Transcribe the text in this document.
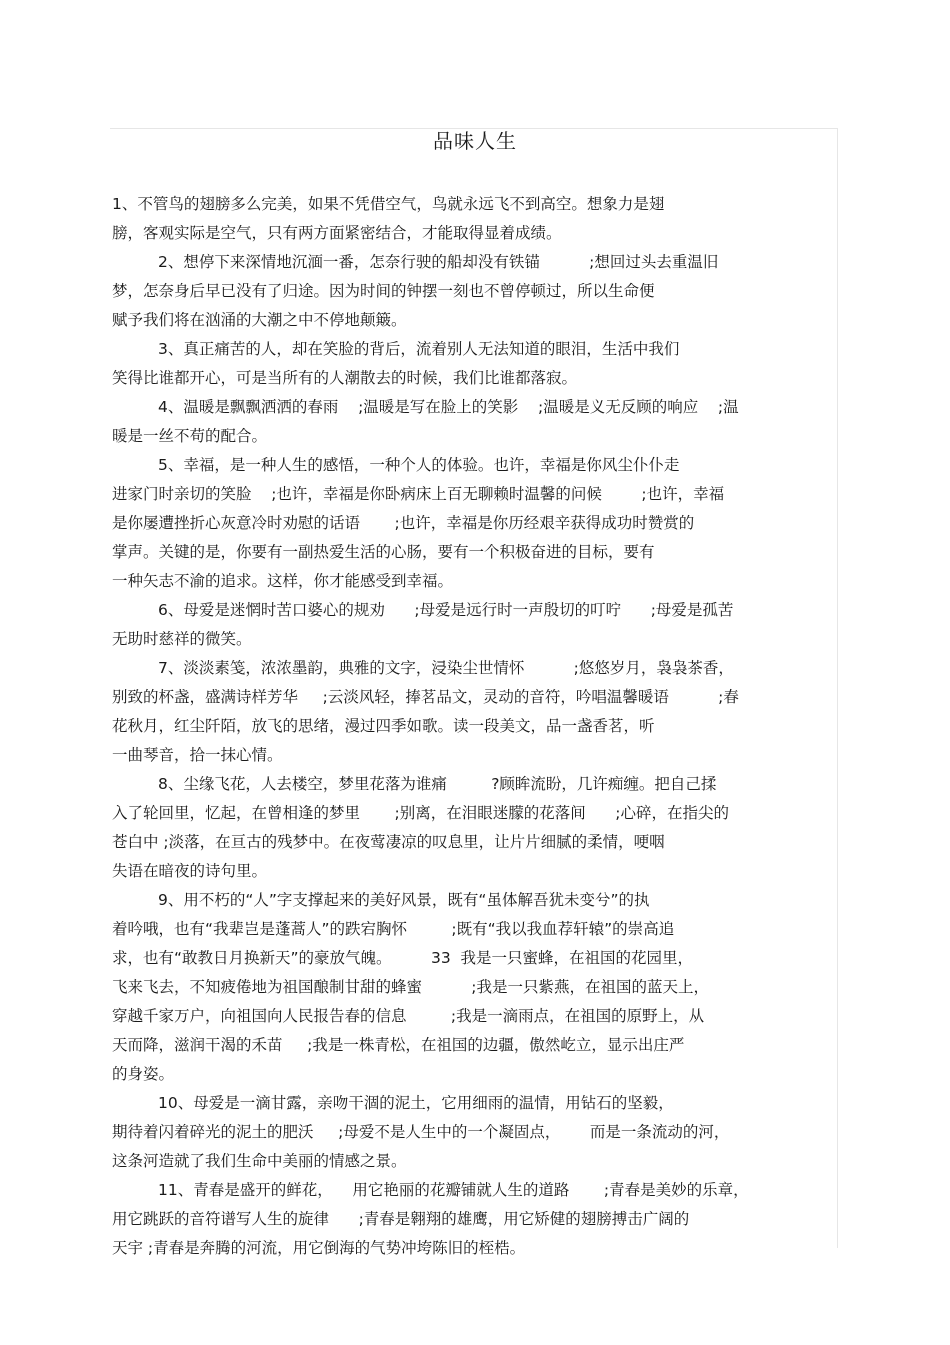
品味人生
1、不管鸟的翅膀多么完美，如果不凭借空气，鸟就永远飞不到高空。想象力是翅
膀，客观实际是空气，只有两方面紧密结合，才能取得显着成绩。
2、想停下来深情地沉湎一番，怎奈行驶的船却没有铁锚          ;想回过头去重温旧
梦，怎奈身后早已没有了归途。因为时间的钟摆一刻也不曾停顿过，所以生命便
赋予我们将在汹涌的大潮之中不停地颠簸。
3、真正痛苦的人，却在笑脸的背后，流着别人无法知道的眼泪，生活中我们
笑得比谁都开心，可是当所有的人潮散去的时候，我们比谁都落寂。
4、温暖是飘飘洒洒的春雨    ;温暖是写在脸上的笑影    ;温暖是义无反顾的响应    ;温
暖是一丝不苟的配合。
5、幸福，是一种人生的感悟，一种个人的体验。也许，幸福是你风尘仆仆走
进家门时亲切的笑脸    ;也许，幸福是你卧病床上百无聊赖时温馨的问候        ;也许，幸福
是你屡遭挫折心灰意冷时劝慰的话语       ;也许，幸福是你历经艰辛获得成功时赞赏的
掌声。关键的是，你要有一副热爱生活的心肠，要有一个积极奋进的目标，要有
一种矢志不渝的追求。这样，你才能感受到幸福。
6、母爱是迷惘时苦口婆心的规劝      ;母爱是远行时一声殷切的叮咛      ;母爱是孤苦
无助时慈祥的微笑。
7、淡淡素笺，浓浓墨韵，典雅的文字，浸染尘世情怀          ;悠悠岁月，袅袅茶香，
别致的杯盏，盛满诗样芳华     ;云淡风轻，捧茗品文，灵动的音符，吟唱温馨暖语          ;春
花秋月，红尘阡陌，放飞的思绪，漫过四季如歌。读一段美文，品一盏香茗，听
一曲琴音，拾一抹心情。
8、尘缘飞花，人去楼空，梦里花落为谁痛         ?顾眸流盼，几许痴缠。把自己揉
入了轮回里，忆起，在曾相逢的梦里       ;别离，在泪眼迷朦的花落间      ;心碎，在指尖的
苍白中 ;淡落，在亘古的残梦中。在夜莺凄凉的叹息里，让片片细腻的柔情，哽咽
失语在暗夜的诗句里。
9、用不朽的“人”字支撑起来的美好风景，既有“虽体解吾犹未变兮”的执
着吟哦，也有“我辈岂是蓬蒿人”的跌宕胸怀         ;既有“我以我血荐轩辕”的崇高追
求，也有“敢教日月换新天”的豪放气魄。        33  我是一只蜜蜂，在祖国的花园里，
飞来飞去，不知疲倦地为祖国酿制甘甜的蜂蜜          ;我是一只紫燕，在祖国的蓝天上，
穿越千家万户，向祖国向人民报告春的信息         ;我是一滴雨点，在祖国的原野上，从
天而降，滋润干渴的禾苗     ;我是一株青松，在祖国的边疆，傲然屹立，显示出庄严
的身姿。
10、母爱是一滴甘露，亲吻干涸的泥土，它用细雨的温情，用钻石的坚毅，
期待着闪着碎光的泥土的肥沃     ;母爱不是人生中的一个凝固点，      而是一条流动的河，
这条河造就了我们生命中美丽的情感之景。
11、青春是盛开的鲜花，    用它艳丽的花瓣铺就人生的道路       ;青春是美妙的乐章，
用它跳跃的音符谱写人生的旋律      ;青春是翱翔的雄鹰，用它矫健的翅膀搏击广阔的
天宇 ;青春是奔腾的河流，用它倒海的气势冲垮陈旧的桎梏。
